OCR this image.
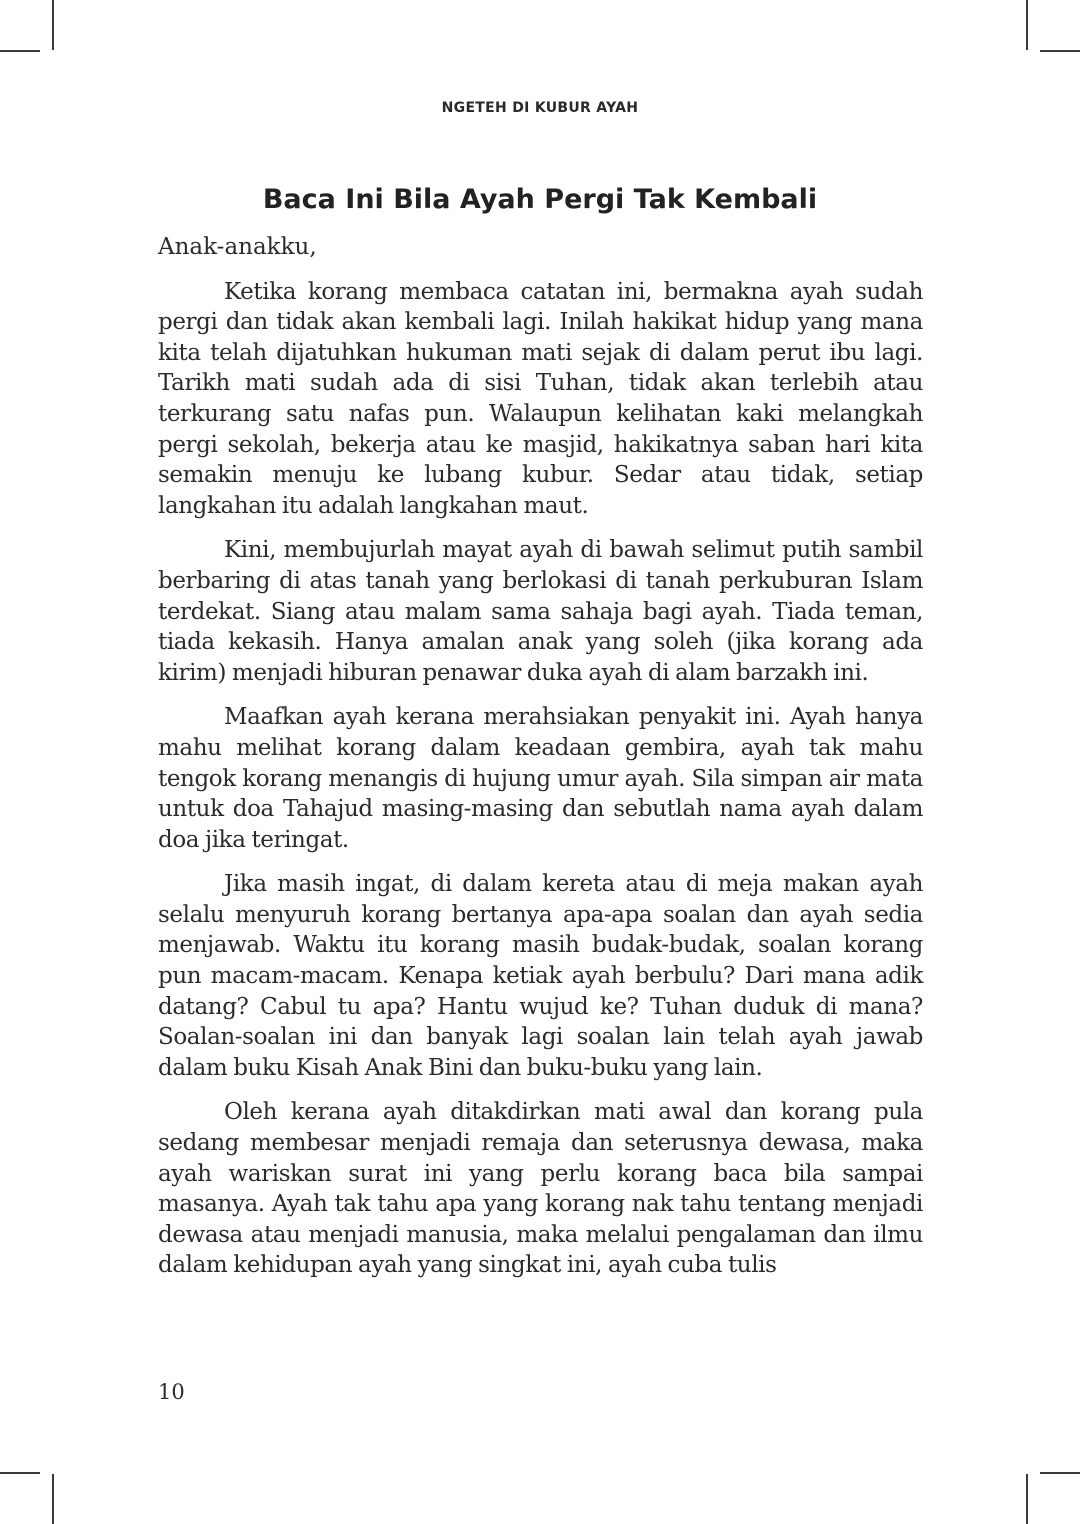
NGETEH DI KUBUR AYAH
Baca Ini Bila Ayah Pergi Tak Kembali

Anak-anakku,

Ketika korang membaca catatan ini, bermakna ayah sudah pergi dan tidak akan kembali lagi. Inilah hakikat hidup yang mana kita telah dijatuhkan hukuman mati sejak di dalam perut ibu lagi. Tarikh mati sudah ada di sisi Tuhan, tidak akan terlebih atau terkurang satu nafas pun. Walaupun kelihatan kaki melangkah pergi sekolah, bekerja atau ke masjid, hakikatnya saban hari kita semakin menuju ke lubang kubur. Sedar atau tidak, setiap langkahan itu adalah langkahan maut.

Kini, membujurlah mayat ayah di bawah selimut putih sambil berbaring di atas tanah yang berlokasi di tanah perkuburan Islam terdekat. Siang atau malam sama sahaja bagi ayah. Tiada teman, tiada kekasih. Hanya amalan anak yang soleh (jika korang ada kirim) menjadi hiburan penawar duka ayah di alam barzakh ini.

Maafkan ayah kerana merahsiakan penyakit ini. Ayah hanya mahu melihat korang dalam keadaan gembira, ayah tak mahu tengok korang menangis di hujung umur ayah. Sila simpan air mata untuk doa Tahajud masing-masing dan sebutlah nama ayah dalam doa jika teringat.

Jika masih ingat, di dalam kereta atau di meja makan ayah selalu menyuruh korang bertanya apa-apa soalan dan ayah sedia menjawab. Waktu itu korang masih budak-budak, soalan korang pun macam-macam. Kenapa ketiak ayah berbulu? Dari mana adik datang? Cabul tu apa? Hantu wujud ke? Tuhan duduk di mana? Soalan-soalan ini dan banyak lagi soalan lain telah ayah jawab dalam buku Kisah Anak Bini dan buku-buku yang lain.

Oleh kerana ayah ditakdirkan mati awal dan korang pula sedang membesar menjadi remaja dan seterusnya dewasa, maka ayah wariskan surat ini yang perlu korang baca bila sampai masanya. Ayah tak tahu apa yang korang nak tahu tentang menjadi dewasa atau menjadi manusia, maka melalui pengalaman dan ilmu dalam kehidupan ayah yang singkat ini, ayah cuba tulis

10
